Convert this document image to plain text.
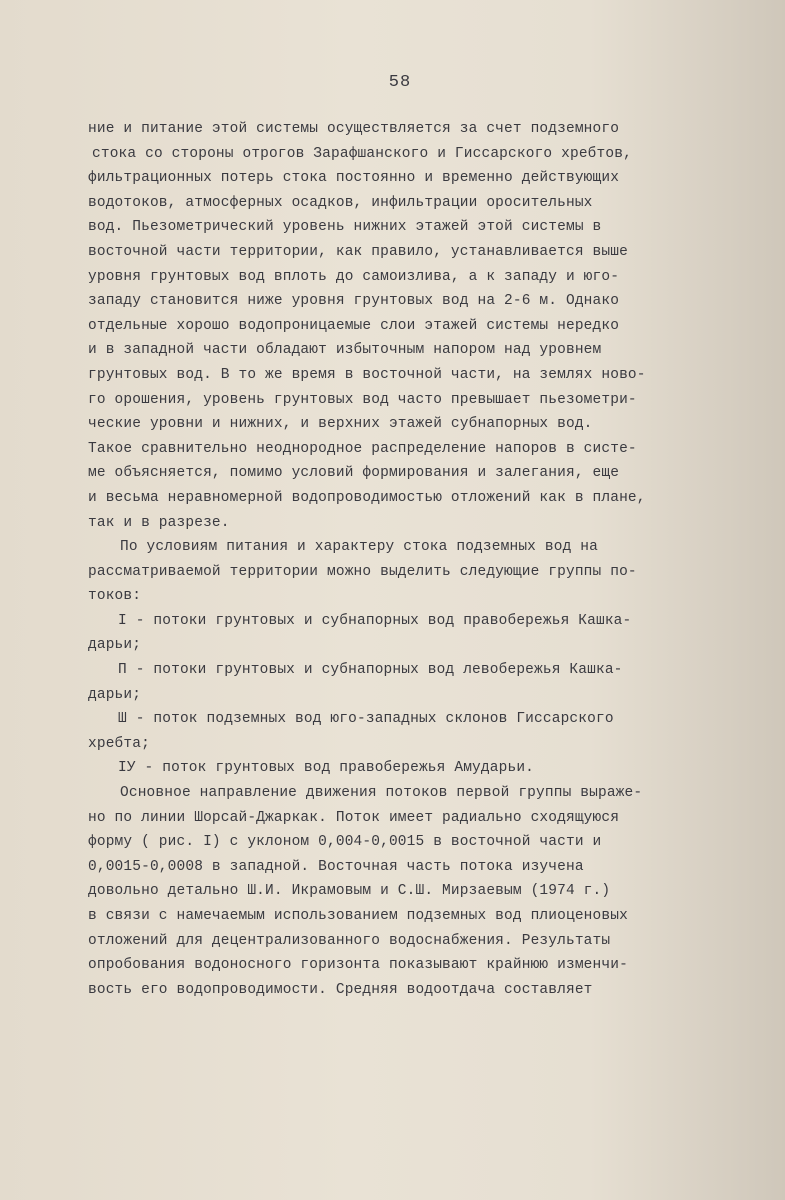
58
ние и питание этой системы осуществляется за счет подземного
стока со стороны отрогов Зарафшанского и Гиссарского хребтов,
фильтрационных потерь стока постоянно и временно действующих
водотоков, атмосферных осадков, инфильтрации оросительных
вод. Пьезометрический уровень нижних этажей этой системы в
восточной части территории, как правило, устанавливается выше
уровня грунтовых вод вплоть до самоизлива, а к западу и юго-
западу становится ниже уровня грунтовых вод на 2-6 м. Однако
отдельные хорошо водопроницаемые слои этажей системы нередко
и в западной части обладают избыточным напором над уровнем
грунтовых вод. В то же время в восточной части, на землях ново-
го орошения, уровень грунтовых вод часто превышает пьезометри-
ческие уровни и нижних, и верхних этажей субнапорных вод.
Такое сравнительно неоднородное распределение напоров в систе-
ме объясняется, помимо условий формирования и залегания, еще
и весьма неравномерной водопроводимостью отложений как в плане,
так и в разрезе.
По условиям питания и характеру стока подземных вод на
рассматриваемой территории можно выделить следующие группы по-
токов:
I - потоки грунтовых и субнапорных вод правобережья Кашка-
дарьи;
П - потоки грунтовых и субнапорных вод левобережья Кашка-
дарьи;
Ш - поток подземных вод юго-западных склонов Гиссарского
хребта;
IУ - поток грунтовых вод правобережья Амударьи.
Основное направление движения потоков первой группы выраже-
но по линии Шорсай-Джаркак. Поток имеет радиально сходящуюся
форму ( рис. I) с уклоном 0,004-0,0015 в восточной части и
0,0015-0,0008 в западной. Восточная часть потока изучена
довольно детально Ш.И. Икрамовым и С.Ш. Мирзаевым (1974 г.)
в связи с намечаемым использованием подземных вод плиоценовых
отложений для децентрализованного водоснабжения. Результаты
опробования водоносного горизонта показывают крайнюю изменчи-
вость его водопроводимости. Средняя водоотдача составляет
